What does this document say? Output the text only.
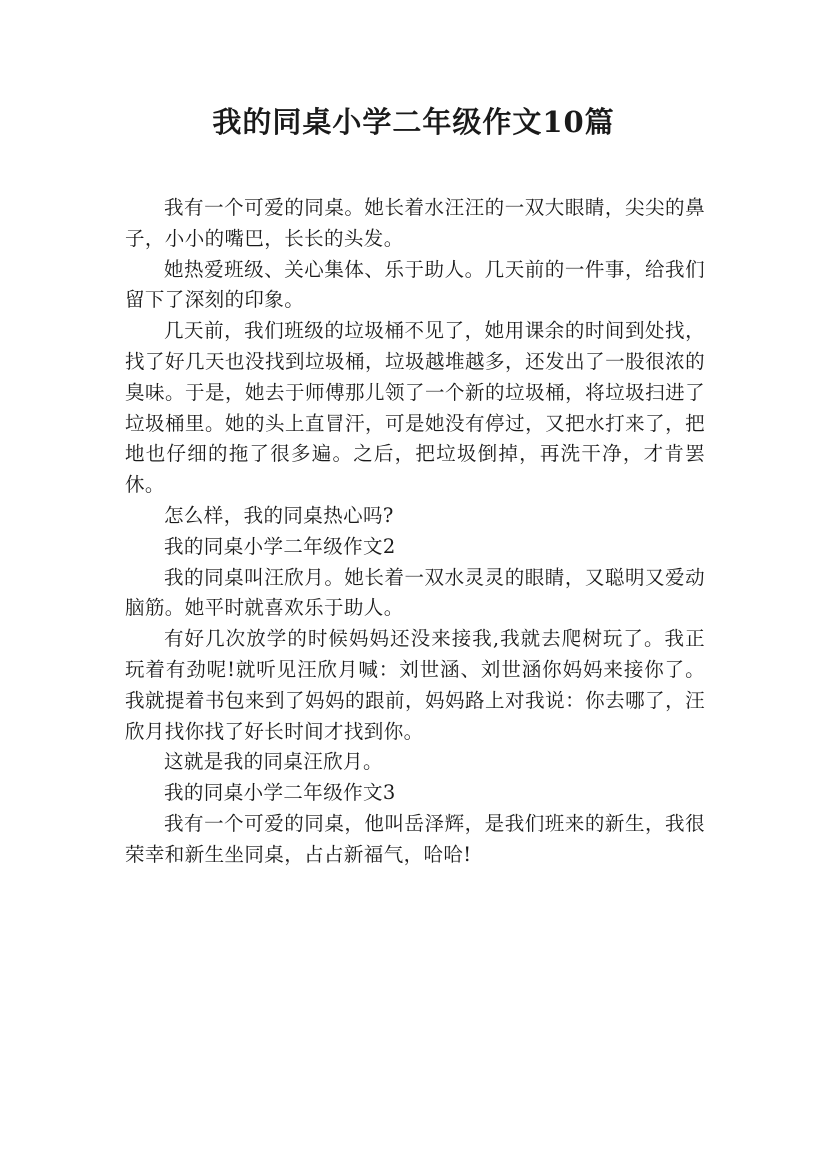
我的同桌小学二年级作文10篇

我有一个可爱的同桌。她长着水汪汪的一双大眼睛，尖尖的鼻子，小小的嘴巴，长长的头发。

她热爱班级、关心集体、乐于助人。几天前的一件事，给我们留下了深刻的印象。

几天前，我们班级的垃圾桶不见了，她用课余的时间到处找，找了好几天也没找到垃圾桶，垃圾越堆越多，还发出了一股很浓的臭味。于是，她去于师傅那儿领了一个新的垃圾桶，将垃圾扫进了垃圾桶里。她的头上直冒汗，可是她没有停过，又把水打来了，把地也仔细的拖了很多遍。之后，把垃圾倒掉，再洗干净，才肯罢休。

怎么样，我的同桌热心吗?

我的同桌小学二年级作文2

我的同桌叫汪欣月。她长着一双水灵灵的眼睛，又聪明又爱动脑筋。她平时就喜欢乐于助人。

有好几次放学的时候妈妈还没来接我,我就去爬树玩了。我正玩着有劲呢!就听见汪欣月喊：刘世涵、刘世涵你妈妈来接你了。我就提着书包来到了妈妈的跟前，妈妈路上对我说：你去哪了，汪欣月找你找了好长时间才找到你。

这就是我的同桌汪欣月。

我的同桌小学二年级作文3

我有一个可爱的同桌，他叫岳泽辉，是我们班来的新生，我很荣幸和新生坐同桌，占占新福气，哈哈!
